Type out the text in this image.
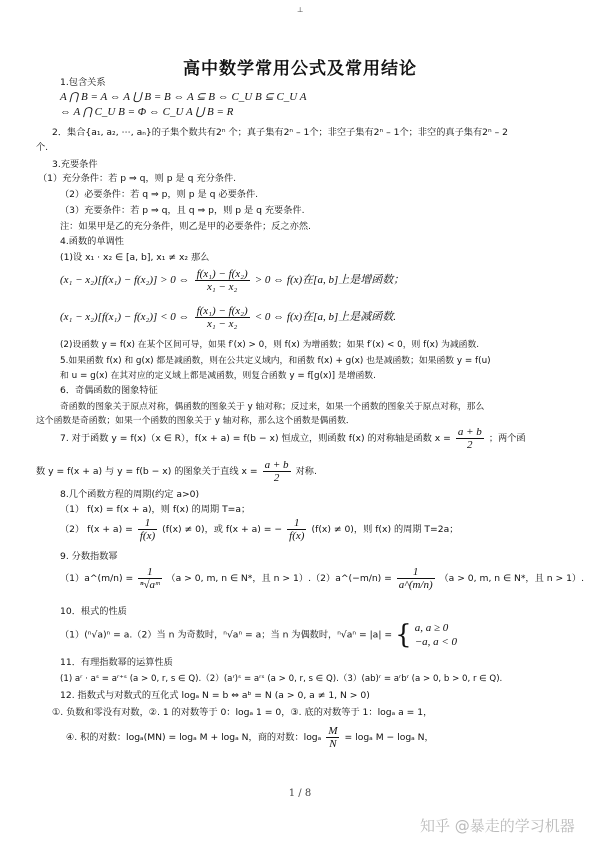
⊥
高中数学常用公式及常用结论
1.包含关系
A ⋂ B = A ⇔ A ⋃ B = B ⇔ A ⊆ B ⇔ C_U B ⊆ C_U A
⇔ A ⋂ C_U B = Φ ⇔ C_U A ⋃ B = R
2．集合{a₁, a₂, ⋯, aₙ}的子集个数共有2ⁿ 个；真子集有2ⁿ – 1个；非空子集有2ⁿ – 1个；非空的真子集有2ⁿ – 2
个.
3.充要条件
（1）充分条件：若 p ⇒ q，则 p 是 q 充分条件.
（2）必要条件：若 q ⇒ p，则 p 是 q 必要条件.
（3）充要条件：若 p ⇒ q，且 q ⇒ p，则 p 是 q 充要条件.
注：如果甲是乙的充分条件，则乙是甲的必要条件；反之亦然.
4.函数的单调性
(1)设 x₁ · x₂ ∈ [a, b], x₁ ≠ x₂ 那么
(x₁ − x₂)[f(x₁) − f(x₂)] > 0 ⇔ $\frac{\text{f(x₁) − f(x₂)}}{\text{x₁ − x₂}} > 0$ ⇔ f(x)在[a, b]上是增函数；
(x₁ − x₂)[f(x₁) − f(x₂)] < 0 ⇔ $\frac{\text{f(x₁) − f(x₂)}}{\text{x₁ − x₂}} < 0$ ⇔ f(x)在[a, b]上是减函数.
(2)设函数 y = f(x) 在某个区间可导，如果 f′(x) > 0，则 f(x) 为增函数；如果 f′(x) < 0，则 f(x) 为减函数.
5.如果函数 f(x) 和 g(x) 都是减函数，则在公共定义域内，和函数 f(x) + g(x) 也是减函数；如果函数 y = f(u)
和 u = g(x) 在其对应的定义域上都是减函数，则复合函数 y = f[g(x)] 是增函数.
6．奇偶函数的图象特征
奇函数的图象关于原点对称，偶函数的图象关于 y 轴对称；反过来，如果一个函数的图象关于原点对称，那么
这个函数是奇函数；如果一个函数的图象关于 y 轴对称，那么这个函数是偶函数．
7. 对于函数 y = f(x)（x ∈ R），f(x + a) = f(b − x) 恒成立，则函数 f(x) 的对称轴是函数 $x = \frac{a + b}{2}$ ；两个函
数 y = f(x + a) 与 y = f(b − x) 的图象关于直线 $x = \frac{a + b}{2}$ 对称.
8.几个函数方程的周期(约定 a>0)
（1） f(x) = f(x + a)，则 f(x) 的周期 T=a；
（2） $f(x + a) = \frac{1}{f(x)} (f(x) \ne 0)$，或 f(x + a) = − $\frac{1}{f(x)} (f(x) \ne 0)$，则 f(x) 的周期 T=2a；
9. 分数指数幂
（1）a^(m/n) = $\frac{1}{\text{ⁿ√aᵐ}} (a > 0$, m, n ∈ N*，且 n > 1）.（2）a^(−m/n) = $\frac{1}{a\^{}(m/n)} (a > 0$, m, n ∈ N*，且 n > 1）.
10．根式的性质
（1）(ⁿ√a)ⁿ = a.（2）当 n 为奇数时，ⁿ√aⁿ = a；当 n 为偶数时，ⁿ√aⁿ = |a| = { a, a ≥ 0
−a, a < 0
11．有理指数幂的运算性质
(1) aʳ · aˢ = aʳ⁺ˢ (a > 0, r, s ∈ Q).（2）(aʳ)ˢ = aʳˢ (a > 0, r, s ∈ Q).（3）(ab)ʳ = aʳbʳ (a > 0, b > 0, r ∈ Q).
12. 指数式与对数式的互化式 logₐ N = b ⇔ aᵇ = N (a > 0, a ≠ 1, N > 0)
①. 负数和零没有对数，②. 1 的对数等于 0：logₐ 1 = 0，③. 底的对数等于 1：logₐ a = 1，
④. 积的对数：logₐ(MN) = logₐ M + logₐ N，商的对数：logₐ $\frac{M}{N} = \log_a$ M − logₐ N，
1 / 8
知乎 @暴走的学习机器
